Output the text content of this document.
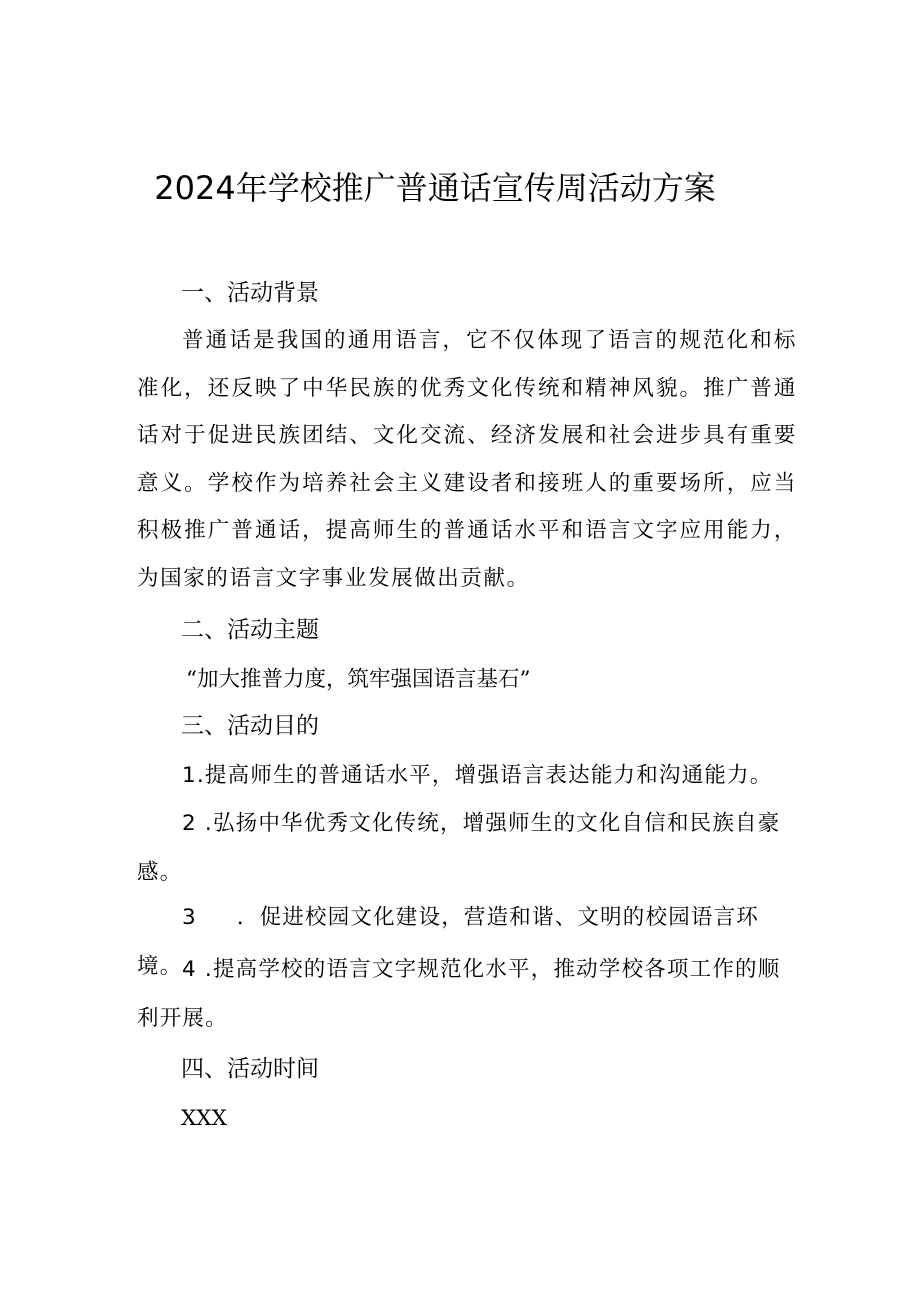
2024年学校推广普通话宣传周活动方案
一、活动背景
普通话是我国的通用语言，它不仅体现了语言的规范化和标准化，还反映了中华民族的优秀文化传统和精神风貌。推广普通话对于促进民族团结、文化交流、经济发展和社会进步具有重要意义。学校作为培养社会主义建设者和接班人的重要场所，应当积极推广普通话，提高师生的普通话水平和语言文字应用能力，为国家的语言文字事业发展做出贡献。
二、活动主题
“加大推普力度，筑牢强国语言基石”
三、活动目的
1.提高师生的普通话水平，增强语言表达能力和沟通能力。
2 .弘扬中华优秀文化传统，增强师生的文化自信和民族自豪感。
3 ．促进校园文化建设，营造和谐、文明的校园语言环境。 4 .提高学校的语言文字规范化水平，推动学校各项工作的顺利开展。
四、活动时间
XXX
